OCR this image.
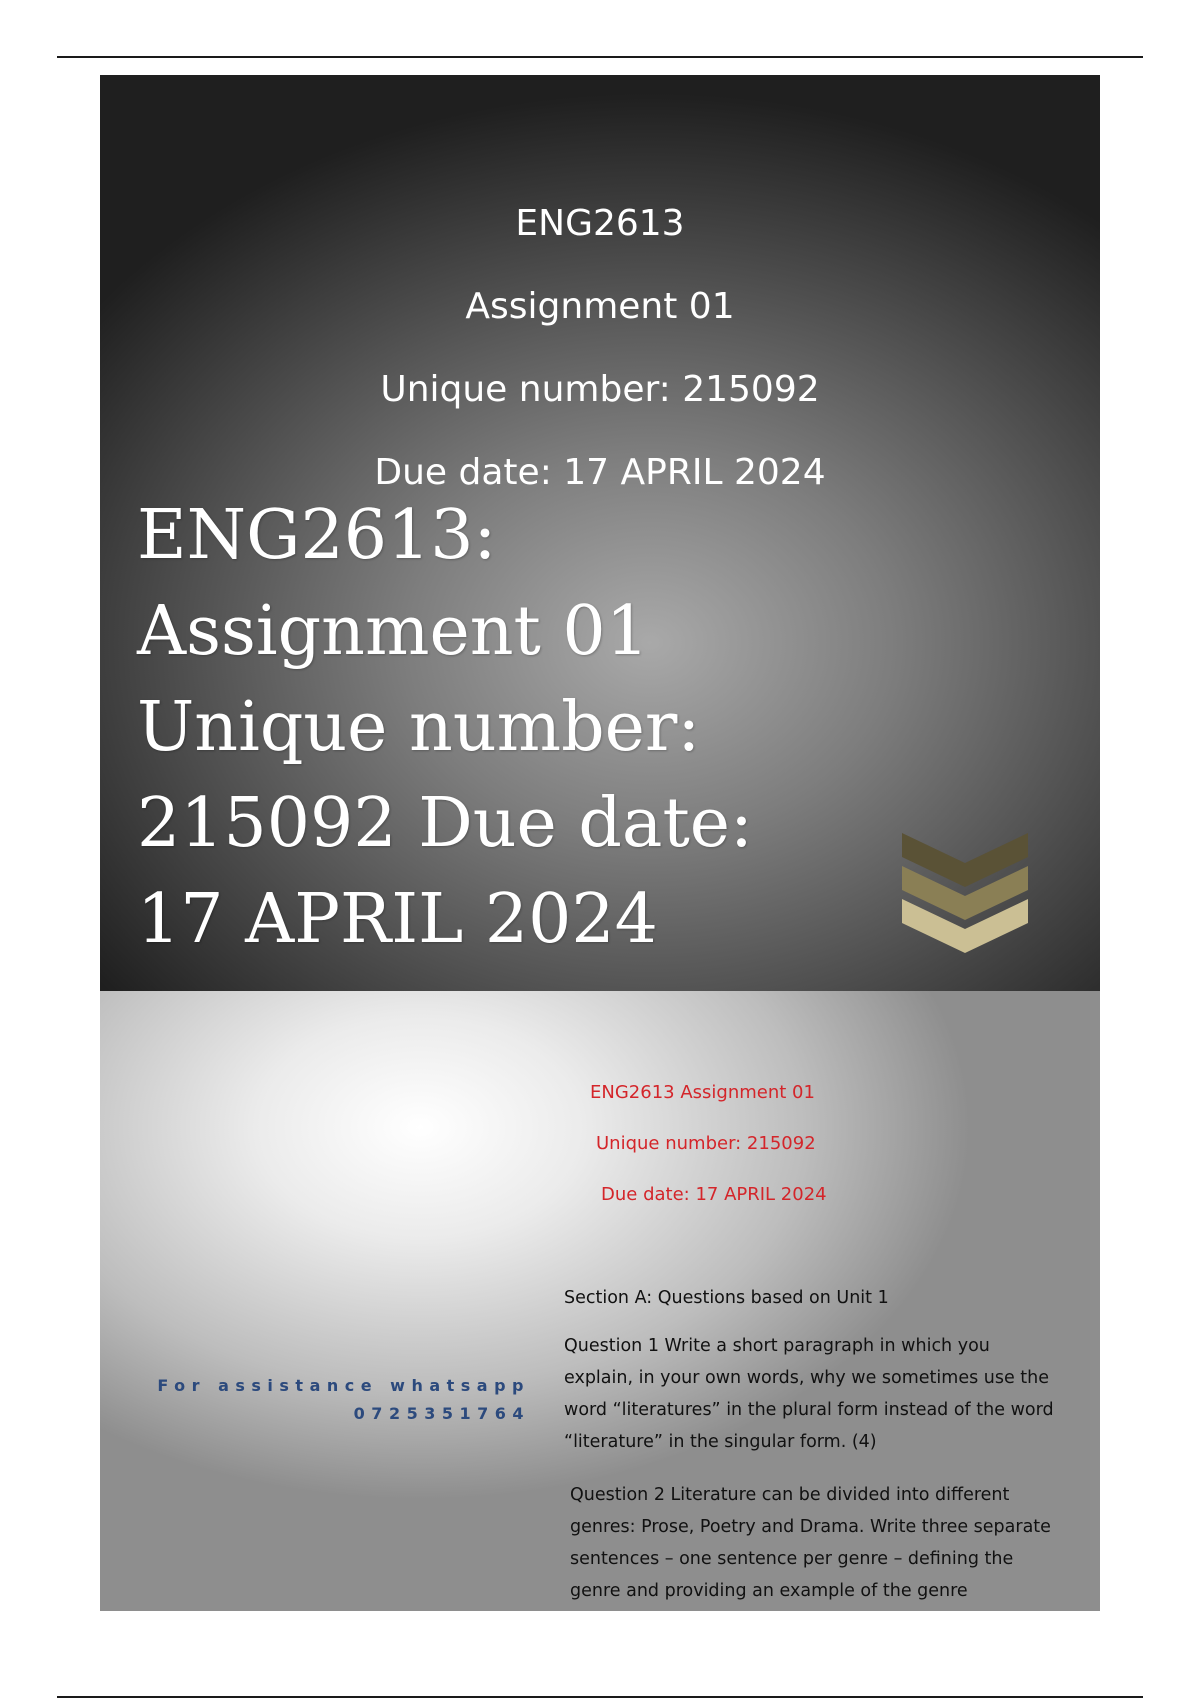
ENG2613
Assignment 01
Unique number: 215092
Due date: 17 APRIL 2024
ENG2613:
Assignment 01
Unique number:
215092 Due date:
17 APRIL 2024
ENG2613 Assignment 01
Unique number: 215092
Due date: 17 APRIL 2024
Section A: Questions based on Unit 1
Question 1 Write a short paragraph in which you explain, in your own words, why we sometimes use the word “literatures” in the plural form instead of the word “literature” in the singular form. (4)
Question 2 Literature can be divided into different genres: Prose, Poetry and Drama. Write three separate sentences – one sentence per genre – defining the genre and providing an example of the genre
For assistance whatsapp
0725351764
